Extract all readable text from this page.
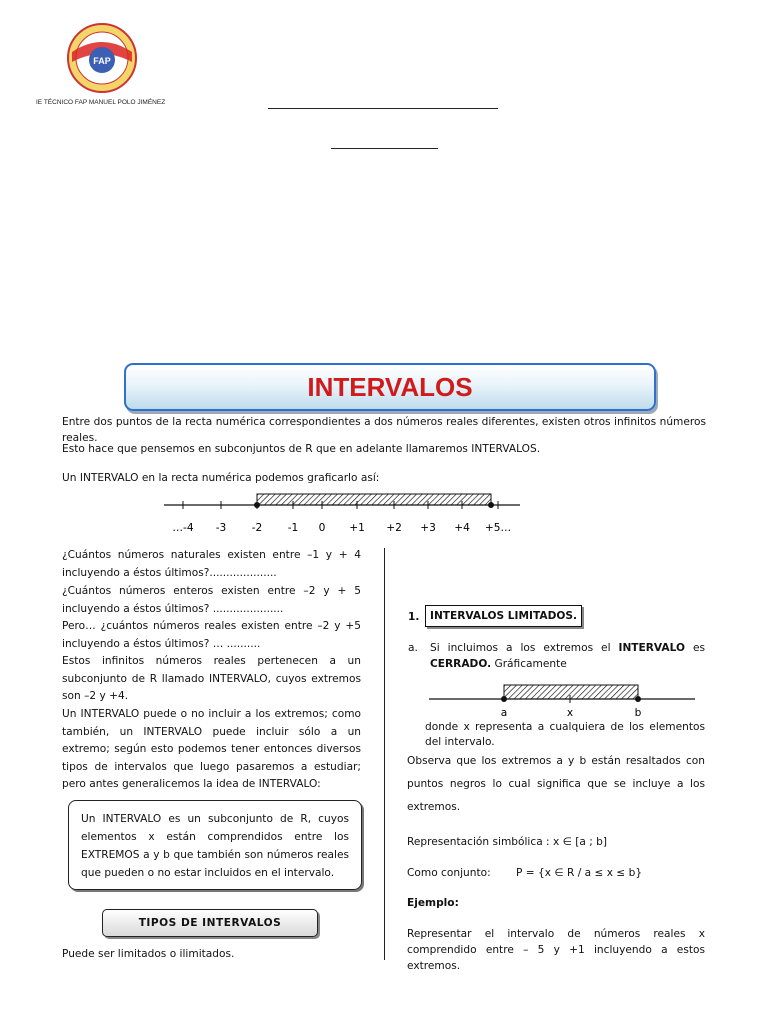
FAP
IE TÉCNICO FAP MANUEL POLO JIMÉNEZ
INTERVALOS
Entre dos puntos de la recta numérica correspondientes a dos números reales diferentes, existen otros infinitos números reales.
Esto hace que pensemos en subconjuntos de R que en adelante llamaremos INTERVALOS.
Un INTERVALO en la recta numérica podemos graficarlo así:
…-4 -3 -2 -1 0 +1 +2 +3 +4 +5…
¿Cuántos números naturales existen entre –1 y + 4 incluyendo a éstos últimos?....................
¿Cuántos números enteros existen entre –2 y + 5 incluyendo a éstos últimos? .....................
Pero… ¿cuántos números reales existen entre –2 y +5 incluyendo a éstos últimos? … ..........
Estos infinitos números reales pertenecen a un subconjunto de R llamado INTERVALO, cuyos extremos son –2 y +4.
Un INTERVALO puede o no incluir a los extremos; como también, un INTERVALO puede incluir sólo a un extremo; según esto podemos tener entonces diversos tipos de intervalos que luego pasaremos a estudiar; pero antes generalicemos la idea de INTERVALO:

Un INTERVALO es un subconjunto de R, cuyos elementos x están comprendidos entre los EXTREMOS a y b que también son números reales que pueden o no estar incluidos en el intervalo.

TIPOS DE INTERVALOS
Puede ser limitados o ilimitados.
1. INTERVALOS LIMITADOS.
a. Si incluimos a los extremos el INTERVALO es CERRADO. Gráficamente
a	x	b
donde x representa a cualquiera de los elementos del intervalo.
Observa que los extremos a y b están resaltados con puntos negros lo cual significa que se incluye a los extremos.
Representación simbólica : x ∈ [a ; b]
Como conjunto: P = {x ∈ R / a ≤ x ≤ b}
Ejemplo:
Representar el intervalo de números reales x comprendido entre – 5 y +1 incluyendo a estos extremos.
